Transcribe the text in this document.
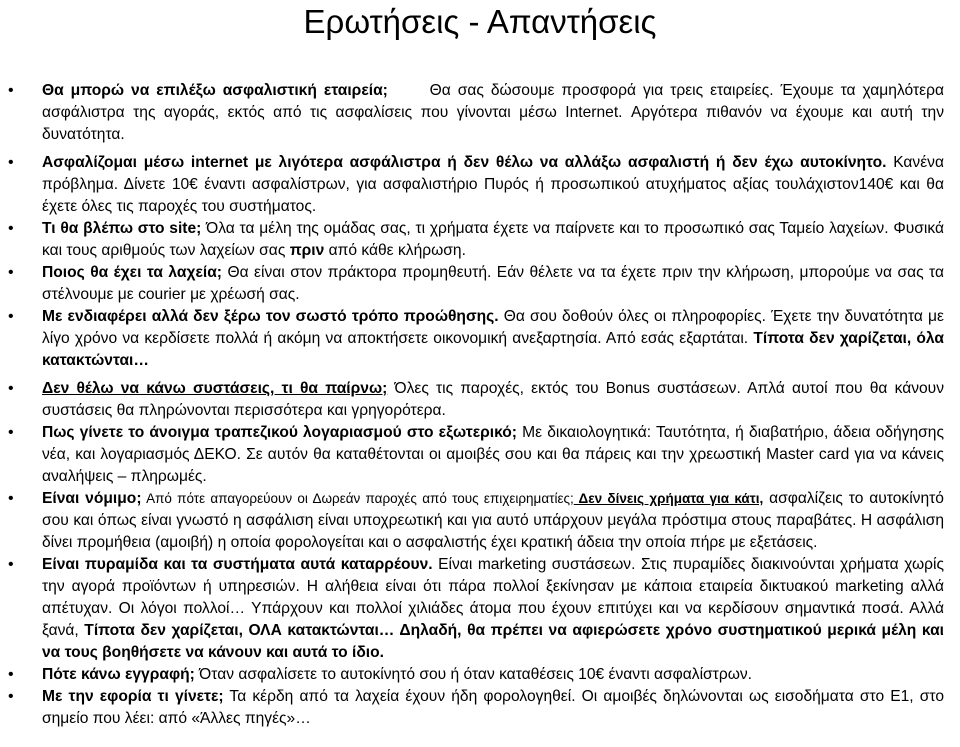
Ερωτήσεις - Απαντήσεις
• Θα μπορώ να επιλέξω ασφαλιστική εταιρεία;      Θα σας δώσουμε προσφορά για τρεις εταιρείες. Έχουμε τα χαμηλότερα ασφάλιστρα της αγοράς, εκτός από τις ασφαλίσεις που γίνονται μέσω Internet. Αργότερα πιθανόν να έχουμε και αυτή την δυνατότητα.
• Ασφαλίζομαι μέσω internet με λιγότερα ασφάλιστρα ή δεν θέλω να αλλάξω ασφαλιστή ή δεν έχω αυτοκίνητο. Κανένα πρόβλημα. Δίνετε 10€ έναντι ασφαλίστρων, για ασφαλιστήριο Πυρός ή προσωπικού ατυχήματος αξίας τουλάχιστον140€ και θα έχετε όλες τις παροχές του συστήματος.
• Τι θα βλέπω στο site; Όλα τα μέλη της ομάδας σας, τι χρήματα έχετε να παίρνετε και το προσωπικό σας Ταμείο λαχείων. Φυσικά και τους αριθμούς των λαχείων σας πριν από κάθε κλήρωση.
• Ποιος θα έχει τα λαχεία; Θα είναι στον πράκτορα προμηθευτή. Εάν θέλετε να τα έχετε πριν την κλήρωση, μπορούμε να σας τα στέλνουμε με courier με χρέωσή σας.
• Με ενδιαφέρει αλλά δεν ξέρω τον σωστό τρόπο προώθησης. Θα σου δοθούν όλες οι πληροφορίες. Έχετε την δυνατότητα με λίγο χρόνο να κερδίσετε πολλά ή ακόμη να αποκτήσετε οικονομική ανεξαρτησία. Από εσάς εξαρτάται. Τίποτα δεν χαρίζεται, όλα κατακτώνται…
• Δεν θέλω να κάνω συστάσεις, τι θα παίρνω; Όλες τις παροχές, εκτός του Bonus συστάσεων. Απλά αυτοί που θα κάνουν συστάσεις θα πληρώνονται περισσότερα και γρηγορότερα.
• Πως γίνετε το άνοιγμα τραπεζικού λογαριασμού στο εξωτερικό; Με δικαιολογητικά: Ταυτότητα, ή διαβατήριο, άδεια οδήγησης νέα, και λογαριασμός ΔΕΚΟ. Σε αυτόν θα καταθέτονται οι αμοιβές σου και θα πάρεις και την χρεωστική Master card για να κάνεις αναλήψεις – πληρωμές.
• Είναι νόμιμο; Από πότε απαγορεύουν οι Δωρεάν παροχές από τους επιχειρηματίες; Δεν δίνεις χρήματα για κάτι, ασφαλίζεις το αυτοκίνητό σου και όπως είναι γνωστό η ασφάλιση είναι υποχρεωτική και για αυτό υπάρχουν μεγάλα πρόστιμα στους παραβάτες. Η ασφάλιση δίνει προμήθεια (αμοιβή) η οποία φορολογείται και ο ασφαλιστής έχει κρατική άδεια την οποία πήρε με εξετάσεις.
• Είναι πυραμίδα και τα συστήματα αυτά καταρρέουν. Είναι marketing συστάσεων. Στις πυραμίδες διακινούνται χρήματα χωρίς την αγορά προϊόντων ή υπηρεσιών. Η αλήθεια είναι ότι πάρα πολλοί ξεκίνησαν με κάποια εταιρεία δικτυακού marketing αλλά απέτυχαν. Οι λόγοι πολλοί… Υπάρχουν και πολλοί χιλιάδες άτομα που έχουν επιτύχει και να κερδίσουν σημαντικά ποσά. Αλλά ξανά, Τίποτα δεν χαρίζεται, ΟΛΑ κατακτώνται… Δηλαδή, θα πρέπει να αφιερώσετε χρόνο συστηματικού μερικά μέλη και να τους βοηθήσετε να κάνουν και αυτά το ίδιο.
• Πότε κάνω εγγραφή; Όταν ασφαλίσετε το αυτοκίνητό σου ή όταν καταθέσεις 10€ έναντι ασφαλίστρων.
• Με την εφορία τι γίνετε; Τα κέρδη από τα λαχεία έχουν ήδη φορολογηθεί. Οι αμοιβές δηλώνονται ως εισοδήματα στο Ε1, στο σημείο που λέει: από «Άλλες πηγές»…
